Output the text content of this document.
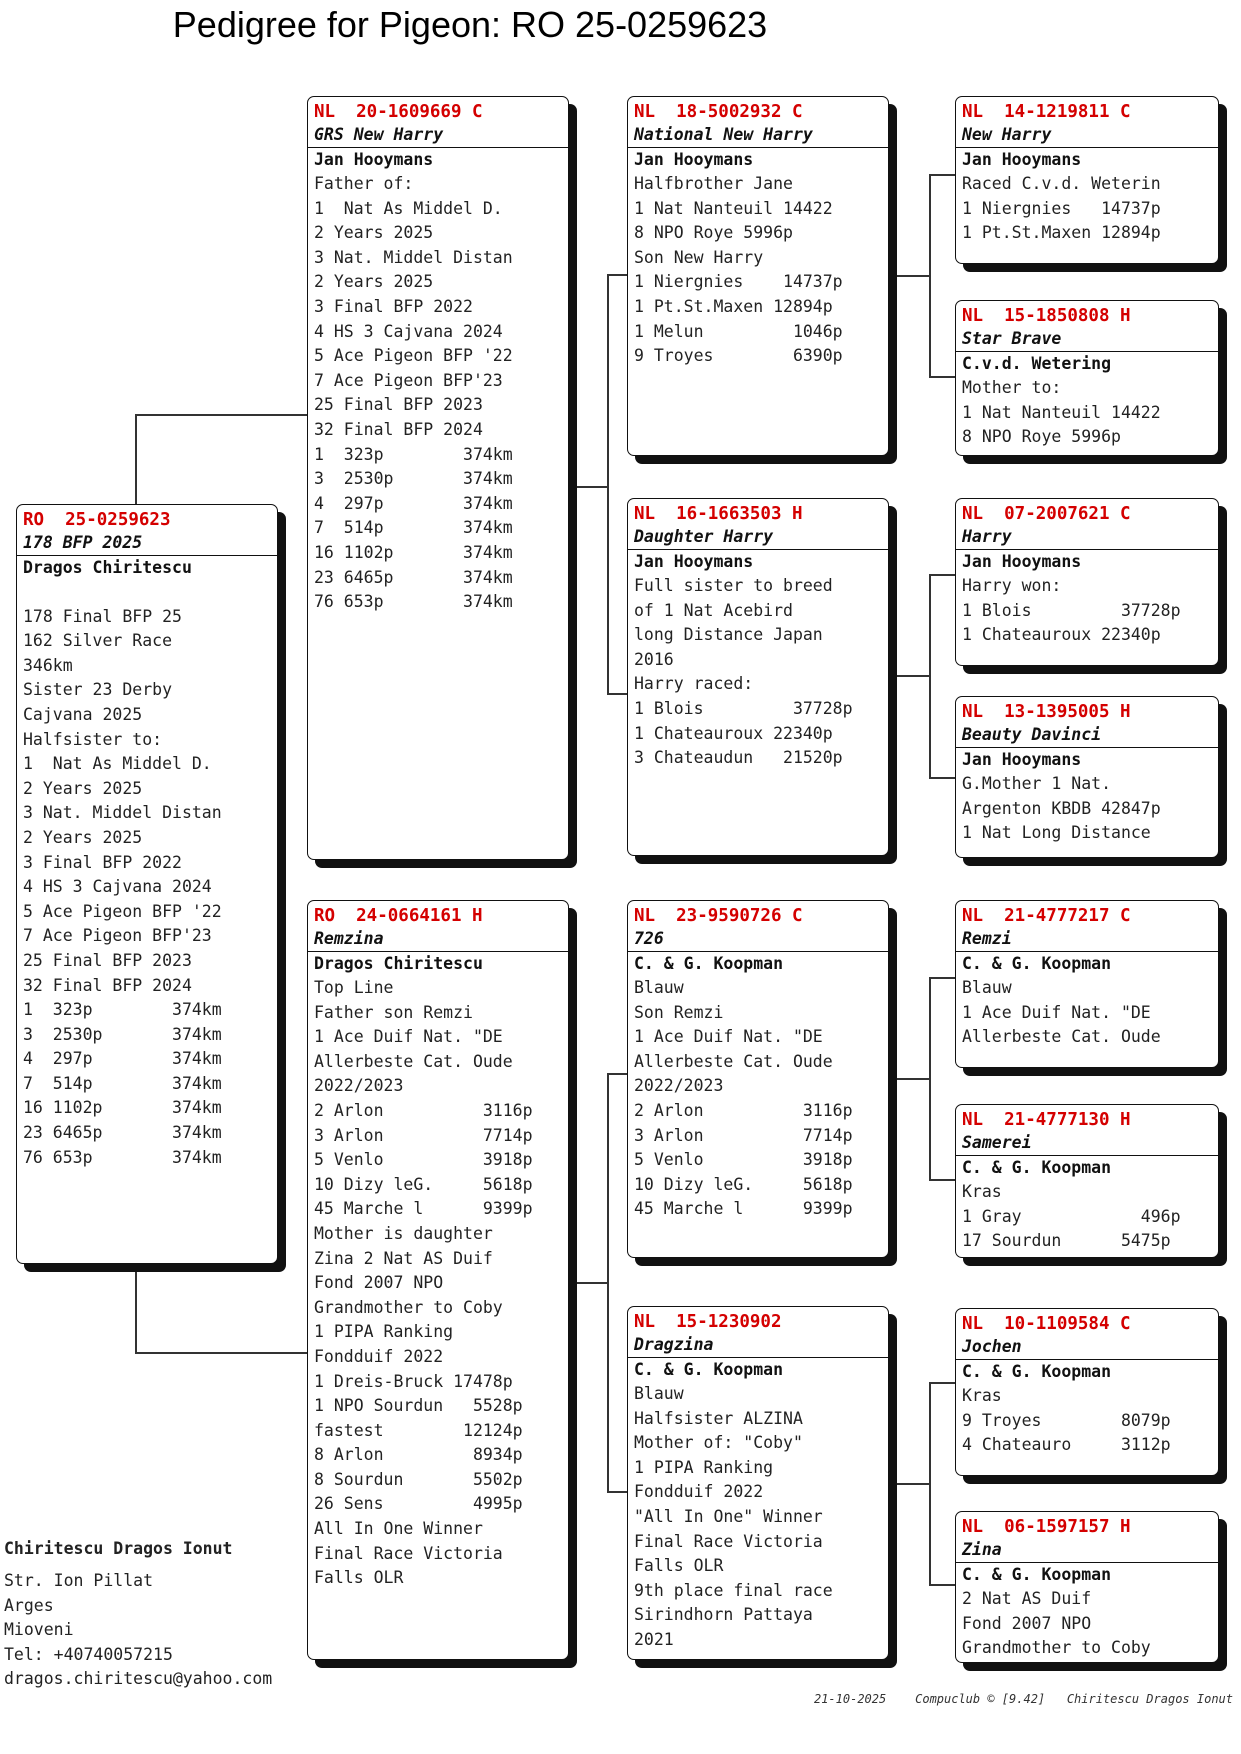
Pedigree for Pigeon: RO 25-0259623
RO  25-0259623
178 BFP 2025
Dragos Chiritescu
178 Final BFP 25
162 Silver Race
346km
Sister 23 Derby
Cajvana 2025
Halfsister to:
1  Nat As Middel D.
2 Years 2025
3 Nat. Middel Distan
2 Years 2025
3 Final BFP 2022
4 HS 3 Cajvana 2024
5 Ace Pigeon BFP '22
7 Ace Pigeon BFP'23
25 Final BFP 2023
32 Final BFP 2024
1  323p        374km
3  2530p       374km
4  297p        374km
7  514p        374km
16 1102p       374km
23 6465p       374km
76 653p        374km
NL  20-1609669 C
GRS New Harry
Jan Hooymans
Father of:
1  Nat As Middel D.
2 Years 2025
3 Nat. Middel Distan
2 Years 2025
3 Final BFP 2022
4 HS 3 Cajvana 2024
5 Ace Pigeon BFP '22
7 Ace Pigeon BFP'23
25 Final BFP 2023
32 Final BFP 2024
1  323p        374km
3  2530p       374km
4  297p        374km
7  514p        374km
16 1102p       374km
23 6465p       374km
76 653p        374km
RO  24-0664161 H
Remzina
Dragos Chiritescu
Top Line
Father son Remzi
1 Ace Duif Nat. "DE
Allerbeste Cat. Oude
2022/2023
2 Arlon          3116p
3 Arlon          7714p
5 Venlo          3918p
10 Dizy leG.     5618p
45 Marche l      9399p
Mother is daughter
Zina 2 Nat AS Duif
Fond 2007 NPO
Grandmother to Coby
1 PIPA Ranking
Fondduif 2022
1 Dreis-Bruck 17478p
1 NPO Sourdun   5528p
fastest        12124p
8 Arlon         8934p
8 Sourdun       5502p
26 Sens         4995p
All In One Winner
Final Race Victoria
Falls OLR
NL  18-5002932 C
National New Harry
Jan Hooymans
Halfbrother Jane
1 Nat Nanteuil 14422
8 NPO Roye 5996p
Son New Harry
1 Niergnies    14737p
1 Pt.St.Maxen 12894p
1 Melun         1046p
9 Troyes        6390p
NL  16-1663503 H
Daughter Harry
Jan Hooymans
Full sister to breed
of 1 Nat Acebird
long Distance Japan
2016
Harry raced:
1 Blois         37728p
1 Chateauroux 22340p
3 Chateaudun   21520p
NL  23-9590726 C
726
C. & G. Koopman
Blauw
Son Remzi
1 Ace Duif Nat. "DE
Allerbeste Cat. Oude
2022/2023
2 Arlon          3116p
3 Arlon          7714p
5 Venlo          3918p
10 Dizy leG.     5618p
45 Marche l      9399p
NL  15-1230902
Dragzina
C. & G. Koopman
Blauw
Halfsister ALZINA
Mother of: "Coby"
1 PIPA Ranking
Fondduif 2022
"All In One" Winner
Final Race Victoria
Falls OLR
9th place final race
Sirindhorn Pattaya
2021
NL  14-1219811 C
New Harry
Jan Hooymans
Raced C.v.d. Weterin
1 Niergnies   14737p
1 Pt.St.Maxen 12894p
NL  15-1850808 H
Star Brave
C.v.d. Wetering
Mother to:
1 Nat Nanteuil 14422
8 NPO Roye 5996p
NL  07-2007621 C
Harry
Jan Hooymans
Harry won:
1 Blois         37728p
1 Chateauroux 22340p
NL  13-1395005 H
Beauty Davinci
Jan Hooymans
G.Mother 1 Nat.
Argenton KBDB 42847p
1 Nat Long Distance
NL  21-4777217 C
Remzi
C. & G. Koopman
Blauw
1 Ace Duif Nat. "DE
Allerbeste Cat. Oude
NL  21-4777130 H
Samerei
C. & G. Koopman
Kras
1 Gray            496p
17 Sourdun      5475p
NL  10-1109584 C
Jochen
C. & G. Koopman
Kras
9 Troyes        8079p
4 Chateauro     3112p
NL  06-1597157 H
Zina
C. & G. Koopman
2 Nat AS Duif
Fond 2007 NPO
Grandmother to Coby
Chiritescu Dragos Ionut
Str. Ion Pillat
Arges
Mioveni
Tel: +40740057215
dragos.chiritescu@yahoo.com
21-10-2025    Compuclub © [9.42]   Chiritescu Dragos Ionut
